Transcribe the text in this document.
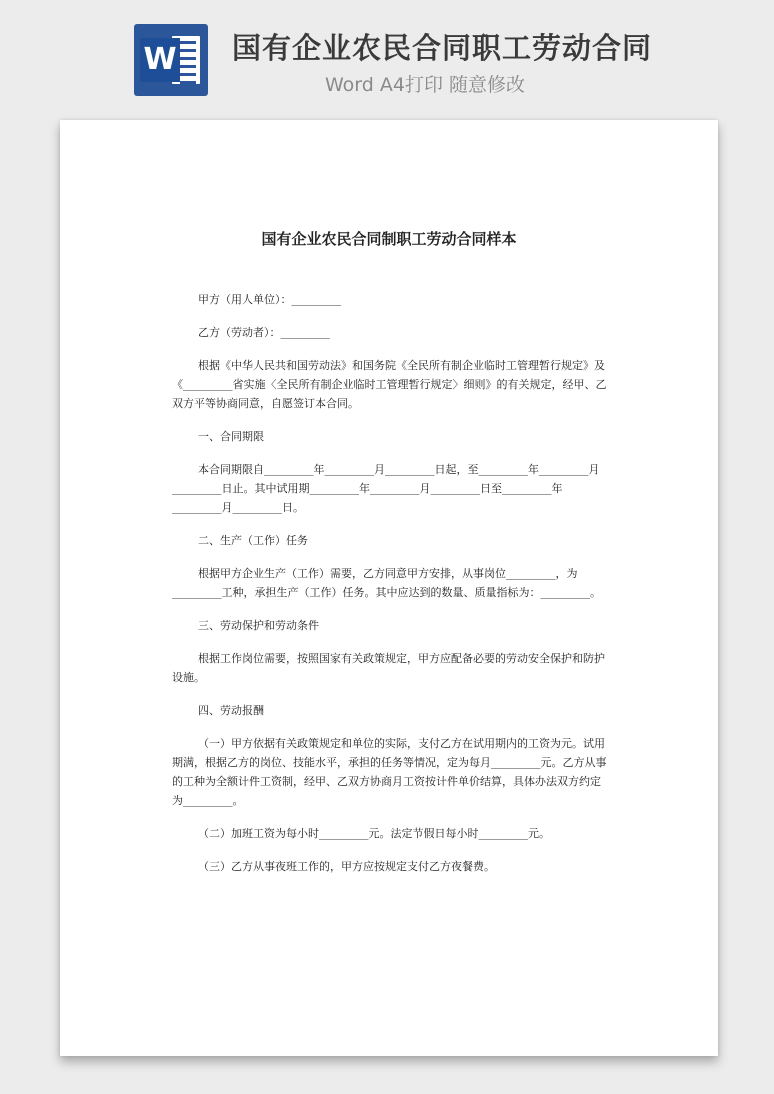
W 国有企业农民合同职工劳动合同
Word A4打印 随意修改
国有企业农民合同制职工劳动合同样本

甲方（用人单位）：_________

乙方（劳动者）：_________

根据《中华人民共和国劳动法》和国务院《全民所有制企业临时工管理暂行规定》及《_________省实施〈全民所有制企业临时工管理暂行规定〉细则》的有关规定，经甲、乙双方平等协商同意，自愿签订本合同。

一、合同期限

本合同期限自_________年_________月_________日起，至_________年_________月_________日止。其中试用期_________年_________月_________日至_________年_________月_________日。

二、生产（工作）任务

根据甲方企业生产（工作）需要，乙方同意甲方安排，从事岗位_________，为_________工种，承担生产（工作）任务。其中应达到的数量、质量指标为：_________。

三、劳动保护和劳动条件

根据工作岗位需要，按照国家有关政策规定，甲方应配备必要的劳动安全保护和防护设施。

四、劳动报酬

（一）甲方依据有关政策规定和单位的实际，支付乙方在试用期内的工资为元。试用期满，根据乙方的岗位、技能水平，承担的任务等情况，定为每月_________元。乙方从事的工种为全额计件工资制，经甲、乙双方协商月工资按计件单价结算，具体办法双方约定为_________。

（二）加班工资为每小时_________元。法定节假日每小时_________元。

（三）乙方从事夜班工作的，甲方应按规定支付乙方夜餐费。
